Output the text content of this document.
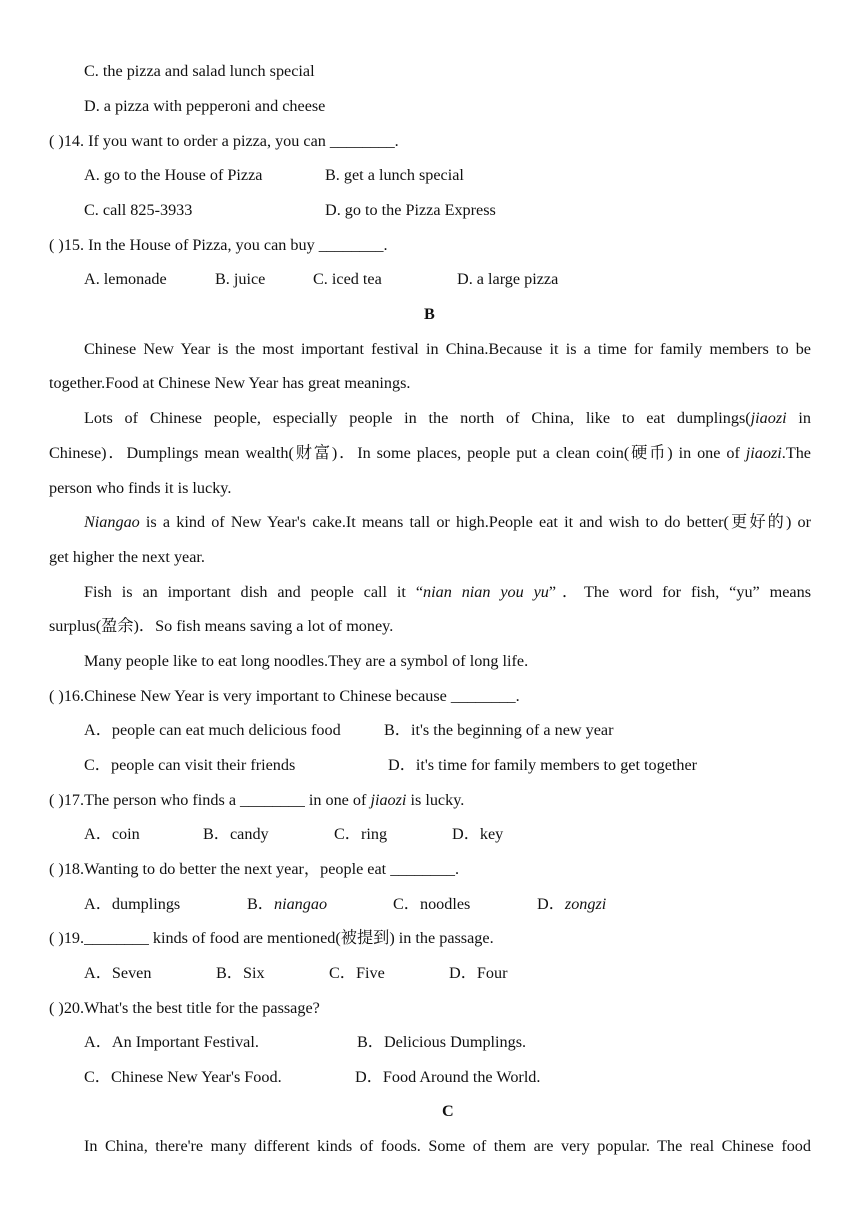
C. the pizza and salad lunch special
D. a pizza with pepperoni and cheese
( )14. If you want to order a pizza, you can ________.
A. go to the House of Pizza	B. get a lunch special
C. call 825-3933	D. go to the Pizza Express
( )15. In the House of Pizza, you can buy ________.
A. lemonade	B. juice	C. iced tea	D. a large pizza
B
Chinese New Year is the most important festival in China.Because it is a time for family members to be
together.Food at Chinese New Year has great meanings.
Lots of Chinese people, especially people in the north of China, like to eat dumplings(jiaozi in
Chinese)．Dumplings mean wealth(财富)．In some places, people put a clean coin(硬币) in one of jiaozi.The
person who finds it is lucky.
Niangao is a kind of New Year's cake.It means tall or high.People eat it and wish to do better(更好的) or
get higher the next year.
Fish is an important dish and people call it “nian nian you yu”．The word for fish, “yu” means
surplus(盈余)．So fish means saving a lot of money.
Many people like to eat long noodles.They are a symbol of long life.
( )16.Chinese New Year is very important to Chinese because ________.
A．people can eat much delicious food	B．it's the beginning of a new year
C．people can visit their friends	D．it's time for family members to get together
( )17.The person who finds a ________ in one of jiaozi is lucky.
A．coin	B．candy	C．ring	D．key
( )18.Wanting to do better the next year，people eat ________.
A．dumplings	B．niangao	C．noodles	D．zongzi
( )19.________ kinds of food are mentioned(被提到) in the passage.
A．Seven	B．Six	C．Five	D．Four
( )20.What's the best title for the passage?
A．An Important Festival.	B．Delicious Dumplings.
C．Chinese New Year's Food.	D．Food Around the World.
C
In China, there're many different kinds of foods. Some of them are very popular. The real Chinese food
